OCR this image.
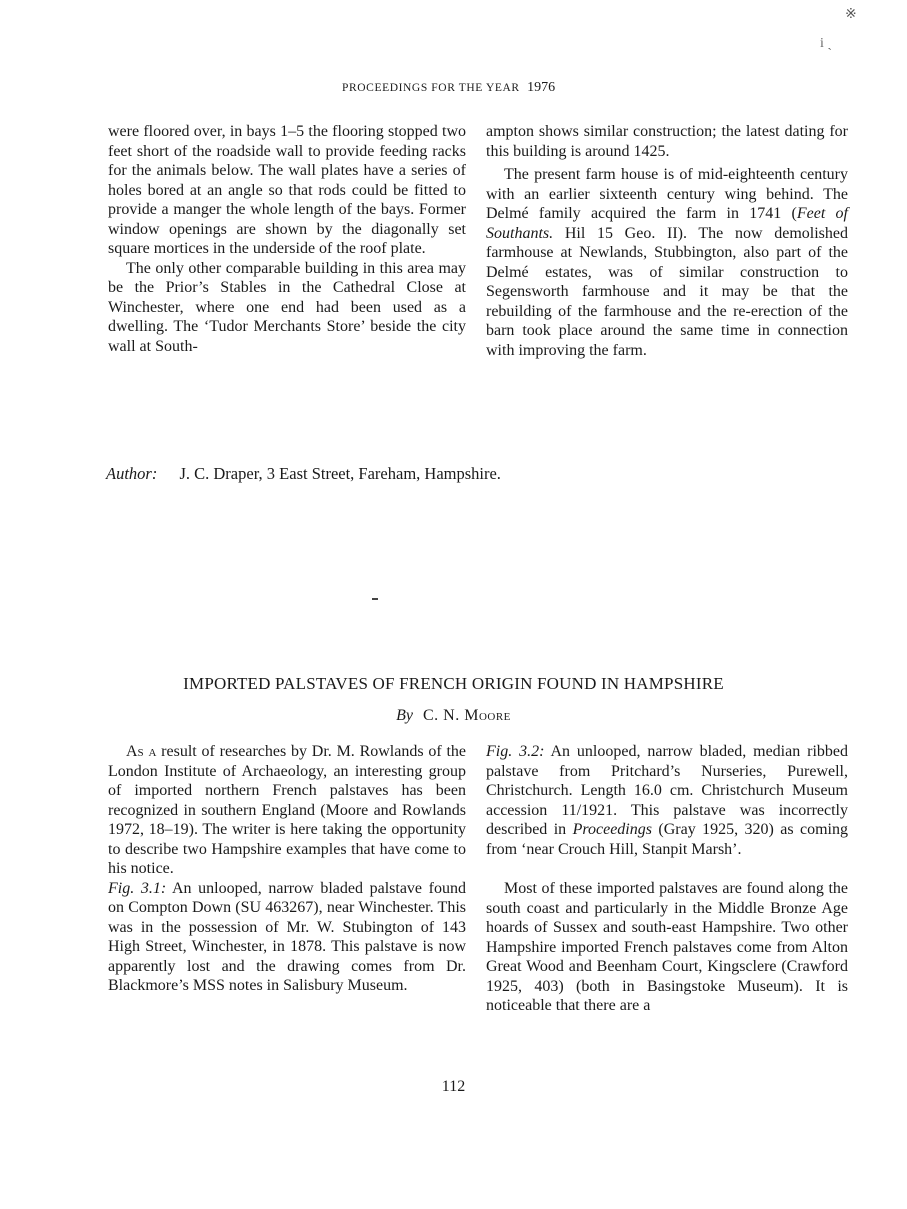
※
i ˎ
PROCEEDINGS FOR THE YEAR 1976

were floored over, in bays 1–5 the flooring stopped two feet short of the roadside wall to provide feeding racks for the animals below. The wall plates have a series of holes bored at an angle so that rods could be fitted to provide a manger the whole length of the bays. Former window openings are shown by the diagonally set square mortices in the underside of the roof plate.

The only other comparable building in this area may be the Prior’s Stables in the Cathedral Close at Winchester, where one end had been used as a dwelling. The ‘Tudor Merchants Store’ beside the city wall at South-

ampton shows similar construction; the latest dating for this building is around 1425.

The present farm house is of mid-eighteenth century with an earlier sixteenth century wing behind. The Delmé family acquired the farm in 1741 (Feet of Southants. Hil 15 Geo. II). The now demolished farmhouse at Newlands, Stubbington, also part of the Delmé estates, was of similar construction to Segensworth farmhouse and it may be that the rebuilding of the farmhouse and the re-erection of the barn took place around the same time in connection with improving the farm.

Author: J. C. Draper, 3 East Street, Fareham, Hampshire.
IMPORTED PALSTAVES OF FRENCH ORIGIN FOUND IN HAMPSHIRE
By C. N. Moore

As a result of researches by Dr. M. Rowlands of the London Institute of Archaeology, an interesting group of imported northern French palstaves has been recognized in southern England (Moore and Rowlands 1972, 18–19). The writer is here taking the opportunity to describe two Hampshire examples that have come to his notice.

Fig. 3.1: An unlooped, narrow bladed palstave found on Compton Down (SU 463267), near Winchester. This was in the possession of Mr. W. Stubington of 143 High Street, Winchester, in 1878. This palstave is now apparently lost and the drawing comes from Dr. Blackmore’s MSS notes in Salisbury Museum.

Fig. 3.2: An unlooped, narrow bladed, median ribbed palstave from Pritchard’s Nurseries, Purewell, Christchurch. Length 16.0 cm. Christchurch Museum accession 11/1921. This palstave was incorrectly described in Proceedings (Gray 1925, 320) as coming from ‘near Crouch Hill, Stanpit Marsh’.

Most of these imported palstaves are found along the south coast and particularly in the Middle Bronze Age hoards of Sussex and south-east Hampshire. Two other Hampshire imported French palstaves come from Alton Great Wood and Beenham Court, Kingsclere (Crawford 1925, 403) (both in Basingstoke Museum). It is noticeable that there are a

112
